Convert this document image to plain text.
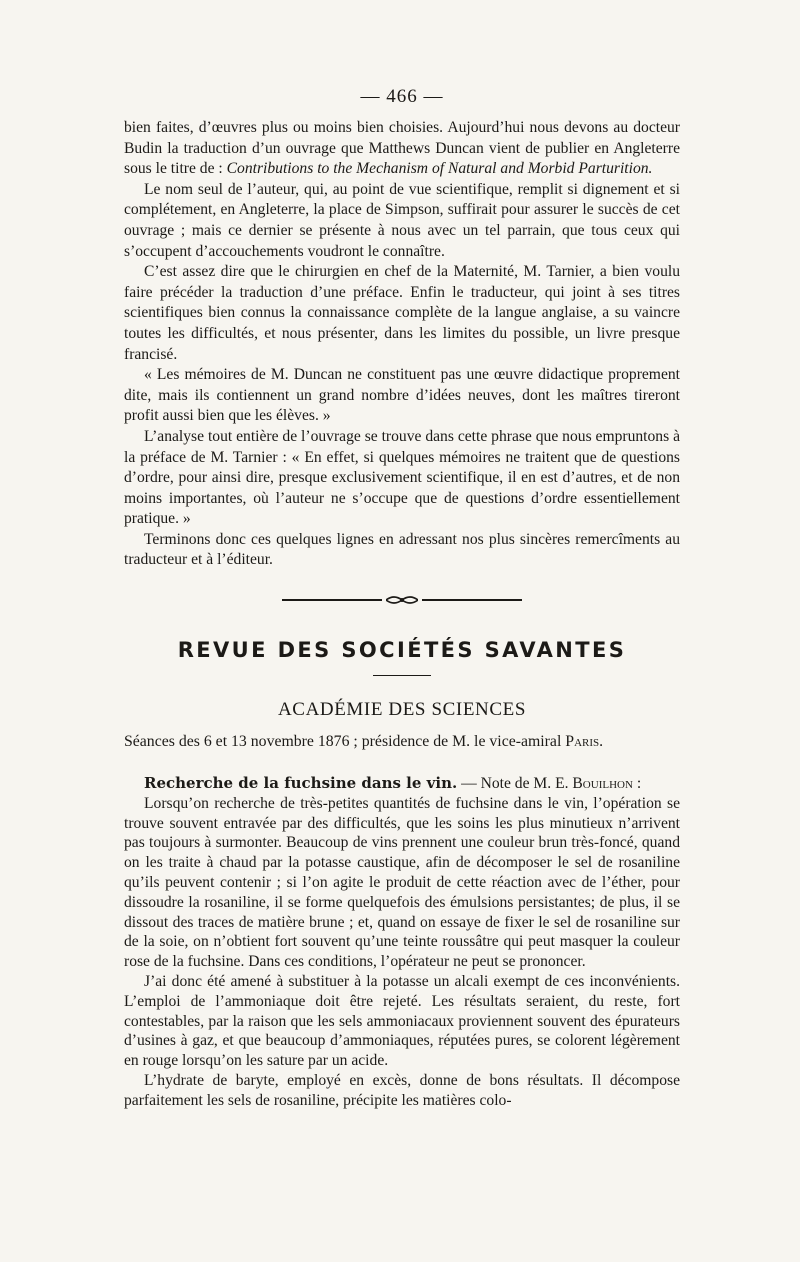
— 466 —

bien faites, d’œuvres plus ou moins bien choisies. Aujourd’hui nous devons au docteur Budin la traduction d’un ouvrage que Matthews Duncan vient de publier en Angleterre sous le titre de : Contributions to the Mechanism of Natural and Morbid Parturition.

Le nom seul de l’auteur, qui, au point de vue scientifique, remplit si dignement et si complétement, en Angleterre, la place de Simpson, suffirait pour assurer le succès de cet ouvrage ; mais ce dernier se présente à nous avec un tel parrain, que tous ceux qui s’occupent d’accouchements voudront le connaître.

C’est assez dire que le chirurgien en chef de la Maternité, M. Tarnier, a bien voulu faire précéder la traduction d’une préface. Enfin le traducteur, qui joint à ses titres scientifiques bien connus la connaissance complète de la langue anglaise, a su vaincre toutes les difficultés, et nous présenter, dans les limites du possible, un livre presque francisé.

« Les mémoires de M. Duncan ne constituent pas une œuvre didactique proprement dite, mais ils contiennent un grand nombre d’idées neuves, dont les maîtres tireront profit aussi bien que les élèves. »

L’analyse tout entière de l’ouvrage se trouve dans cette phrase que nous empruntons à la préface de M. Tarnier : « En effet, si quelques mémoires ne traitent que de questions d’ordre, pour ainsi dire, presque exclusivement scientifique, il en est d’autres, et de non moins importantes, où l’auteur ne s’occupe que de questions d’ordre essentiellement pratique. »

Terminons donc ces quelques lignes en adressant nos plus sincères remercîments au traducteur et à l’éditeur.

REVUE DES SOCIÉTÉS SAVANTES
ACADÉMIE DES SCIENCES

Séances des 6 et 13 novembre 1876 ; présidence de M. le vice-amiral Paris.

Recherche de la fuchsine dans le vin. — Note de M. E. Bouilhon :

Lorsqu’on recherche de très-petites quantités de fuchsine dans le vin, l’opération se trouve souvent entravée par des difficultés, que les soins les plus minutieux n’arrivent pas toujours à surmonter. Beaucoup de vins prennent une couleur brun très-foncé, quand on les traite à chaud par la potasse caustique, afin de décomposer le sel de rosaniline qu’ils peuvent contenir ; si l’on agite le produit de cette réaction avec de l’éther, pour dissoudre la rosaniline, il se forme quelquefois des émulsions persistantes; de plus, il se dissout des traces de matière brune ; et, quand on essaye de fixer le sel de rosaniline sur de la soie, on n’obtient fort souvent qu’une teinte roussâtre qui peut masquer la couleur rose de la fuchsine. Dans ces conditions, l’opérateur ne peut se prononcer.

J’ai donc été amené à substituer à la potasse un alcali exempt de ces inconvénients. L’emploi de l’ammoniaque doit être rejeté. Les résultats seraient, du reste, fort contestables, par la raison que les sels ammoniacaux proviennent souvent des épurateurs d’usines à gaz, et que beaucoup d’ammoniaques, réputées pures, se colorent légèrement en rouge lorsqu’on les sature par un acide.

L’hydrate de baryte, employé en excès, donne de bons résultats. Il décompose parfaitement les sels de rosaniline, précipite les matières colo-
